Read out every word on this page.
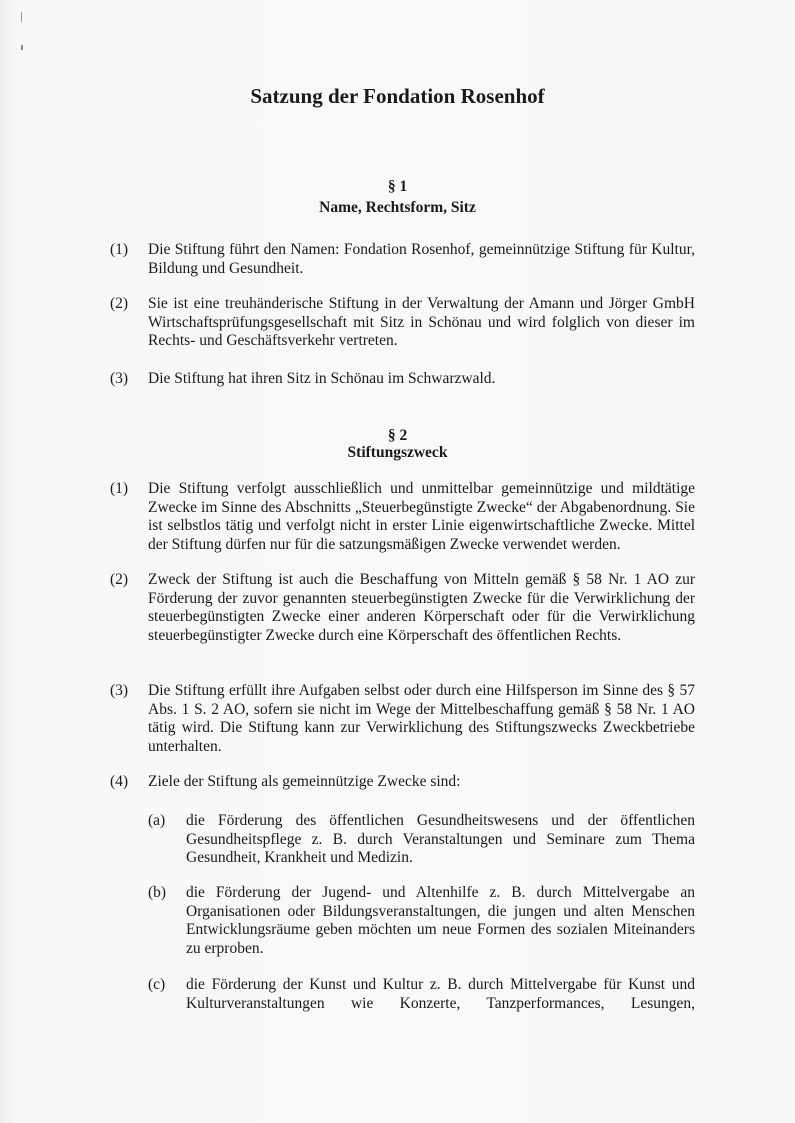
Satzung der Fondation Rosenhof
§ 1
Name, Rechtsform, Sitz
(1) Die Stiftung führt den Namen: Fondation Rosenhof, gemeinnützige Stiftung für Kultur, Bildung und Gesundheit.
(2) Sie ist eine treuhänderische Stiftung in der Verwaltung der Amann und Jörger GmbH Wirtschaftsprüfungsgesellschaft mit Sitz in Schönau und wird folglich von dieser im Rechts- und Geschäftsverkehr vertreten.
(3) Die Stiftung hat ihren Sitz in Schönau im Schwarzwald.
§ 2
Stiftungszweck
(1) Die Stiftung verfolgt ausschließlich und unmittelbar gemeinnützige und mildtätige Zwecke im Sinne des Abschnitts „Steuerbegünstigte Zwecke“ der Abgabenordnung. Sie ist selbstlos tätig und verfolgt nicht in erster Linie eigenwirtschaftliche Zwecke. Mittel der Stiftung dürfen nur für die satzungsmäßigen Zwecke verwendet werden.
(2) Zweck der Stiftung ist auch die Beschaffung von Mitteln gemäß § 58 Nr. 1 AO zur Förderung der zuvor genannten steuerbegünstigten Zwecke für die Verwirklichung der steuerbegünstigten Zwecke einer anderen Körperschaft oder für die Verwirklichung steuerbegünstigter Zwecke durch eine Körperschaft des öffentlichen Rechts.
(3) Die Stiftung erfüllt ihre Aufgaben selbst oder durch eine Hilfsperson im Sinne des § 57 Abs. 1 S. 2 AO, sofern sie nicht im Wege der Mittelbeschaffung gemäß § 58 Nr. 1 AO tätig wird. Die Stiftung kann zur Verwirklichung des Stiftungszwecks Zweckbetriebe unterhalten.
(4) Ziele der Stiftung als gemeinnützige Zwecke sind:
(a) die Förderung des öffentlichen Gesundheitswesens und der öffentlichen Gesundheitspflege z. B. durch Veranstaltungen und Seminare zum Thema Gesundheit, Krankheit und Medizin.
(b) die Förderung der Jugend- und Altenhilfe z. B. durch Mittelvergabe an Organisationen oder Bildungsveranstaltungen, die jungen und alten Menschen Entwicklungsräume geben möchten um neue Formen des sozialen Miteinanders zu erproben.
(c) die Förderung der Kunst und Kultur z. B. durch Mittelvergabe für Kunst und Kulturveranstaltungen wie Konzerte, Tanzperformances, Lesungen,
